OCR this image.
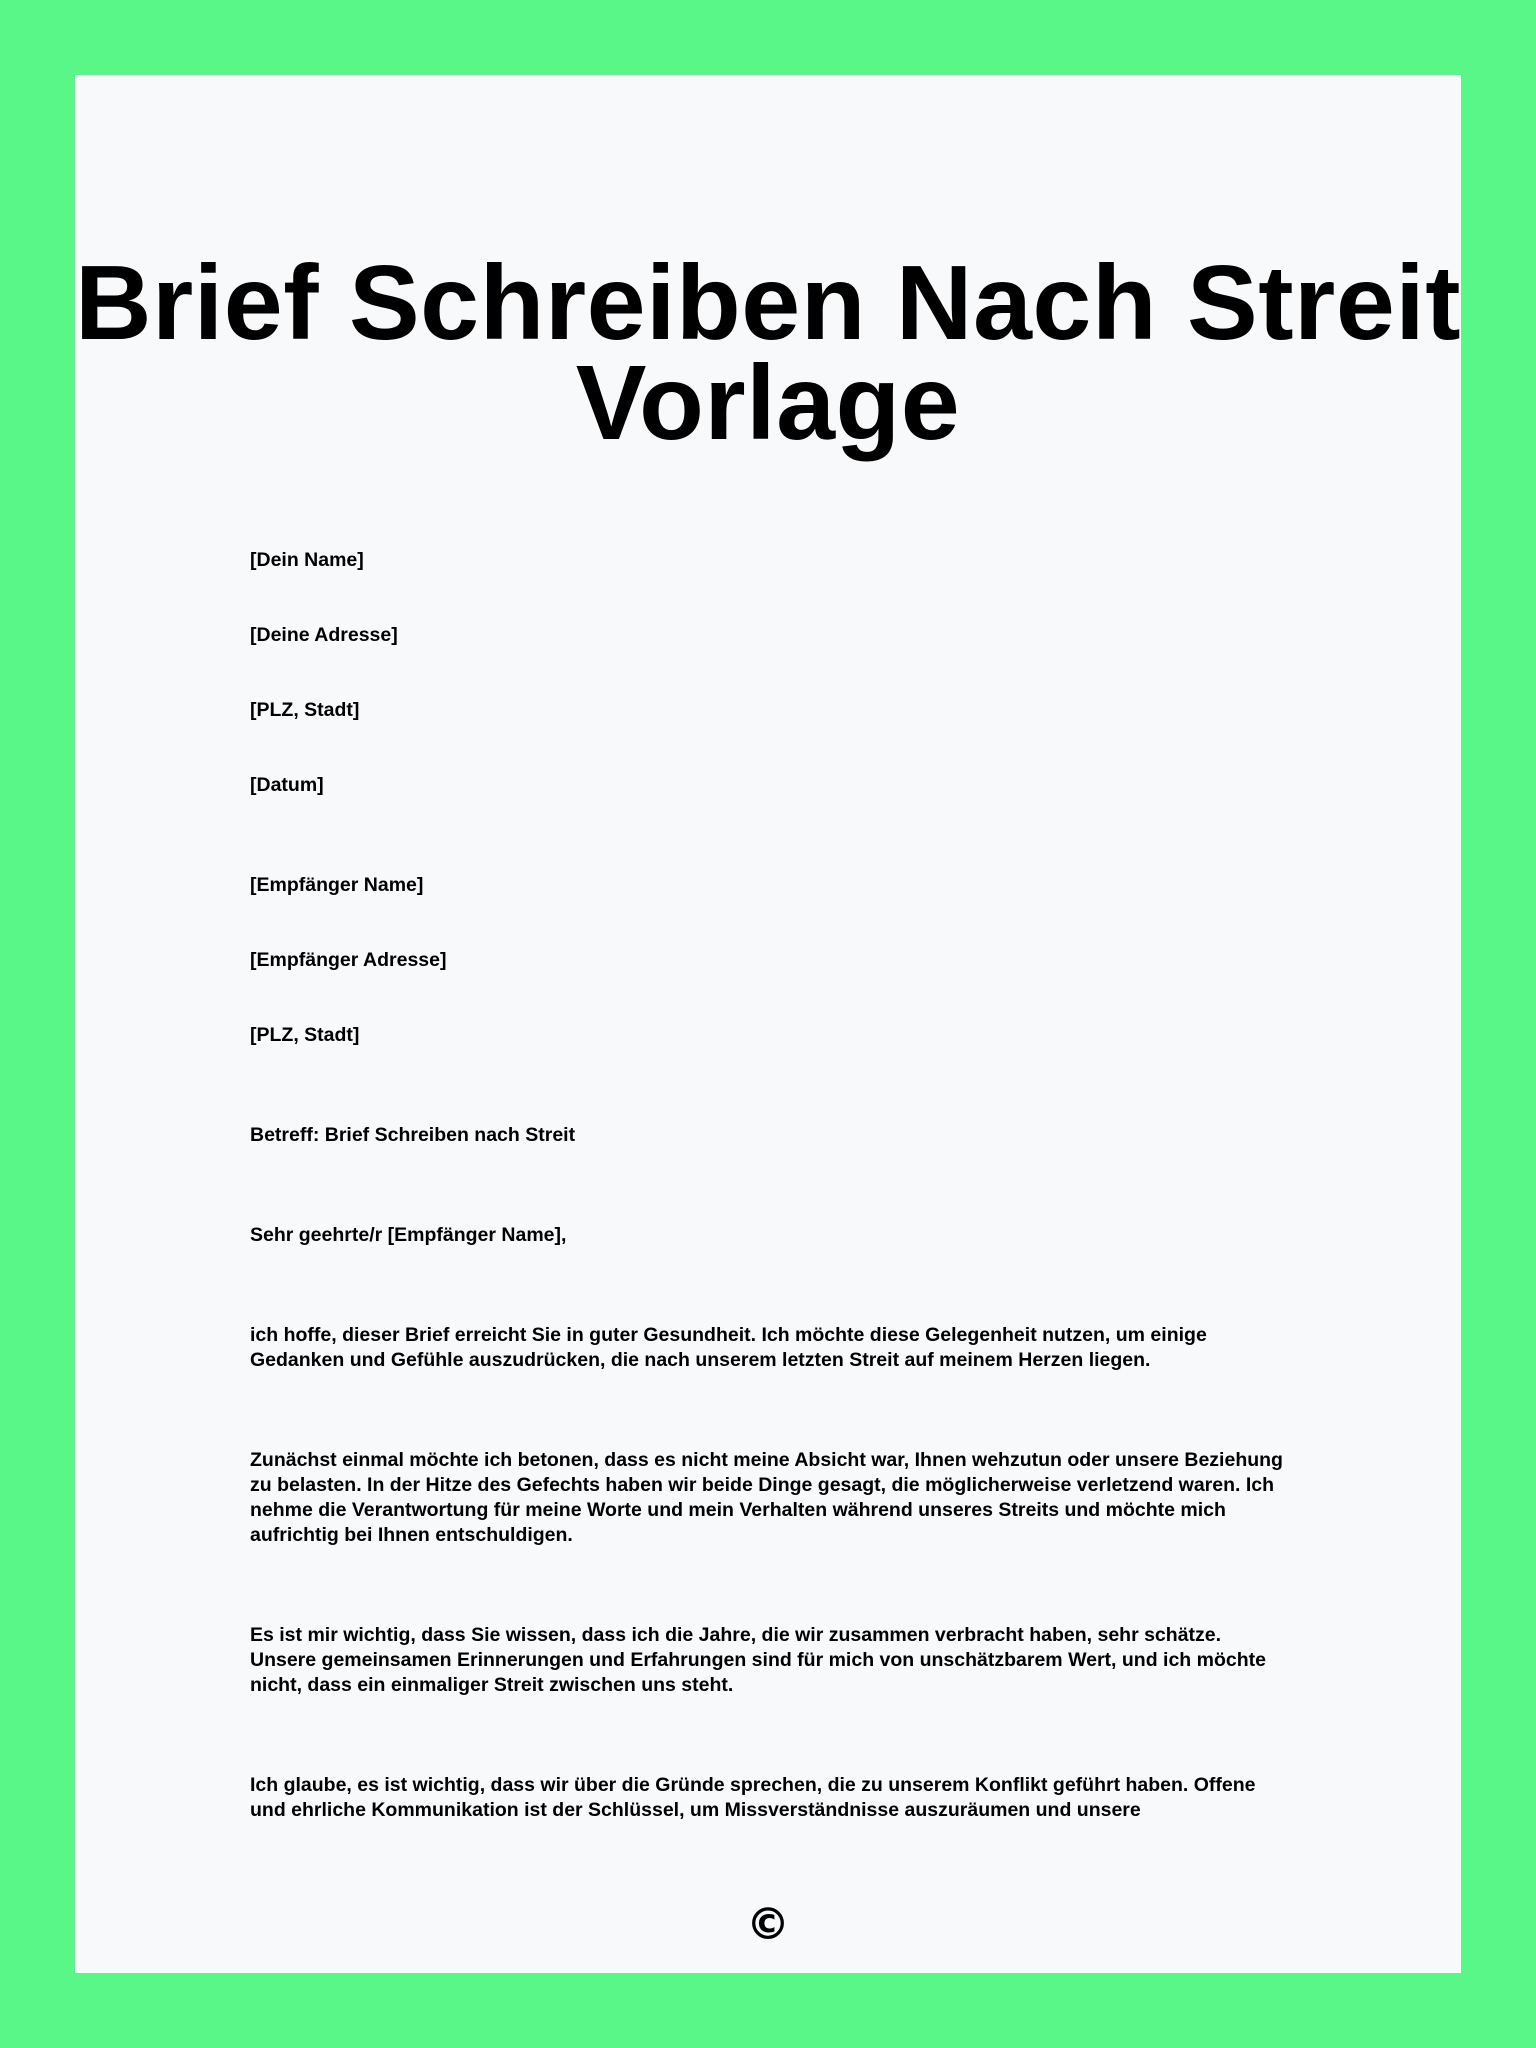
Brief Schreiben Nach Streit Vorlage

[Dein Name]

[Deine Adresse]

[PLZ, Stadt]

[Datum]

[Empfänger Name]

[Empfänger Adresse]

[PLZ, Stadt]

Betreff: Brief Schreiben nach Streit

Sehr geehrte/r [Empfänger Name],

ich hoffe, dieser Brief erreicht Sie in guter Gesundheit. Ich möchte diese Gelegenheit nutzen, um einige Gedanken und Gefühle auszudrücken, die nach unserem letzten Streit auf meinem Herzen liegen.

Zunächst einmal möchte ich betonen, dass es nicht meine Absicht war, Ihnen wehzutun oder unsere Beziehung zu belasten. In der Hitze des Gefechts haben wir beide Dinge gesagt, die möglicherweise verletzend waren. Ich nehme die Verantwortung für meine Worte und mein Verhalten während unseres Streits und möchte mich aufrichtig bei Ihnen entschuldigen.

Es ist mir wichtig, dass Sie wissen, dass ich die Jahre, die wir zusammen verbracht haben, sehr schätze. Unsere gemeinsamen Erinnerungen und Erfahrungen sind für mich von unschätzbarem Wert, und ich möchte nicht, dass ein einmaliger Streit zwischen uns steht.

Ich glaube, es ist wichtig, dass wir über die Gründe sprechen, die zu unserem Konflikt geführt haben. Offene und ehrliche Kommunikation ist der Schlüssel, um Missverständnisse auszuräumen und unsere

©
